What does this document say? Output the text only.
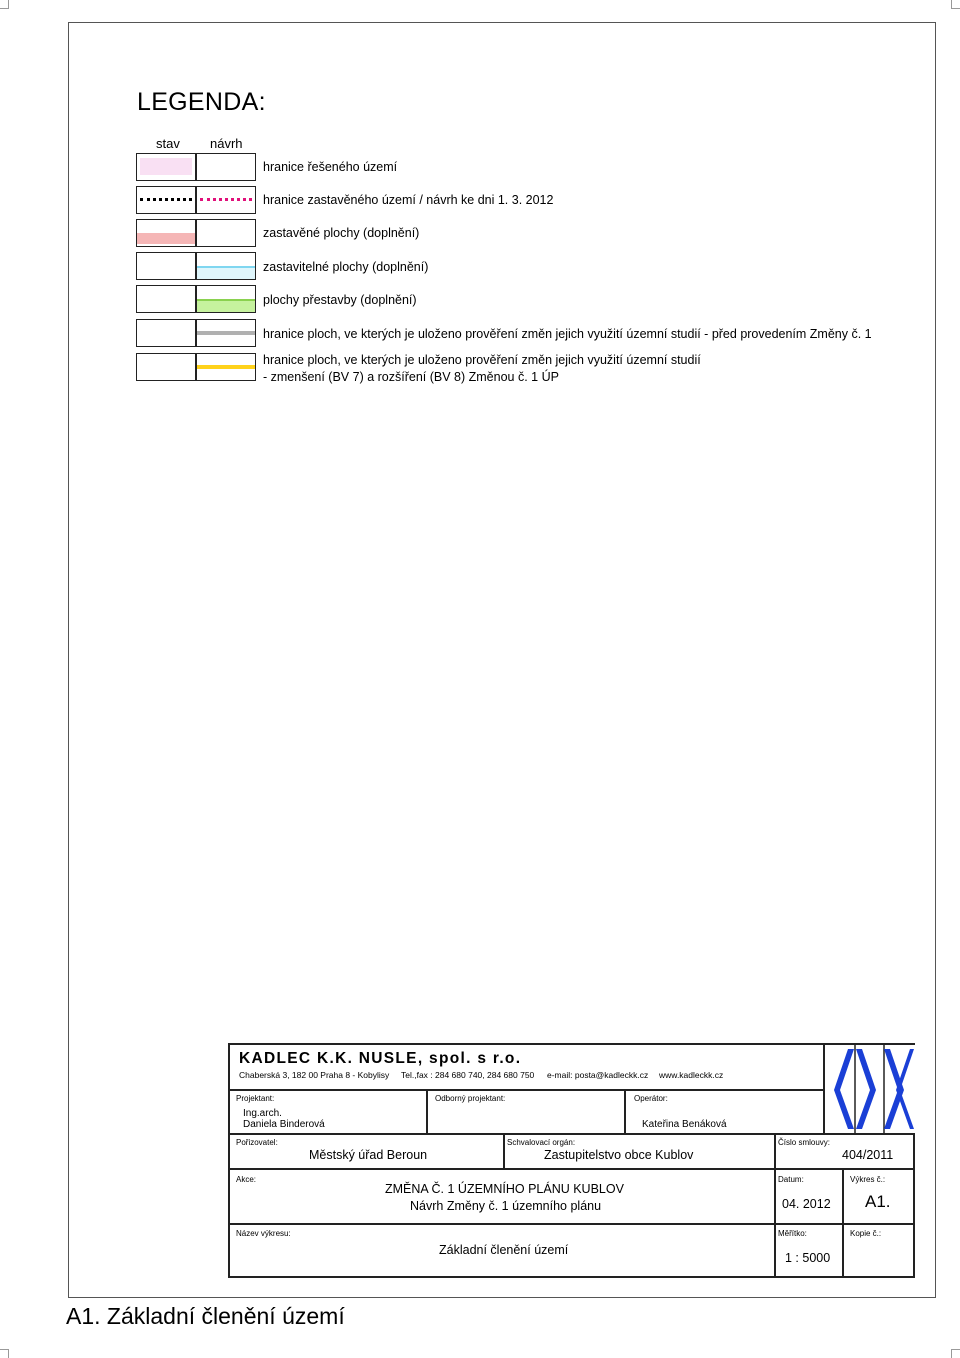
LEGENDA:
stav návrh
hranice řešeného území
hranice zastavěného území / návrh ke dni 1. 3. 2012
zastavěné plochy (doplnění)
zastavitelné plochy (doplnění)
plochy přestavby (doplnění)
hranice ploch, ve kterých je uloženo prověření změn jejich využití územní studií - před provedením Změny č. 1
hranice ploch, ve kterých je uloženo prověření změn jejich využití územní studií
- zmenšení (BV 7) a rozšíření (BV 8) Změnou č. 1 ÚP
KADLEC K.K. NUSLE, spol. s r.o.
Chaberská 3, 182 00 Praha 8 - Kobylisy Tel.,fax : 284 680 740, 284 680 750 e-mail: posta@kadleckk.cz www.kadleckk.cz
Projektant:
Ing.arch.
Daniela Binderová
Odborný projektant:	Operátor:
Kateřina Benáková
Pořizovatel:
Městský úřad Beroun
Schvalovací orgán:
Zastupitelstvo obce Kublov
Číslo smlouvy:
404/2011
Akce:
ZMĚNA Č. 1 ÚZEMNÍHO PLÁNU KUBLOV
Návrh Změny č. 1 územního plánu
Datum:
04. 2012
Výkres č.:
A1.
Název výkresu:
Základní členění území
Měřítko:
1 : 5000
Kopie č.:
A1. Základní členění území
